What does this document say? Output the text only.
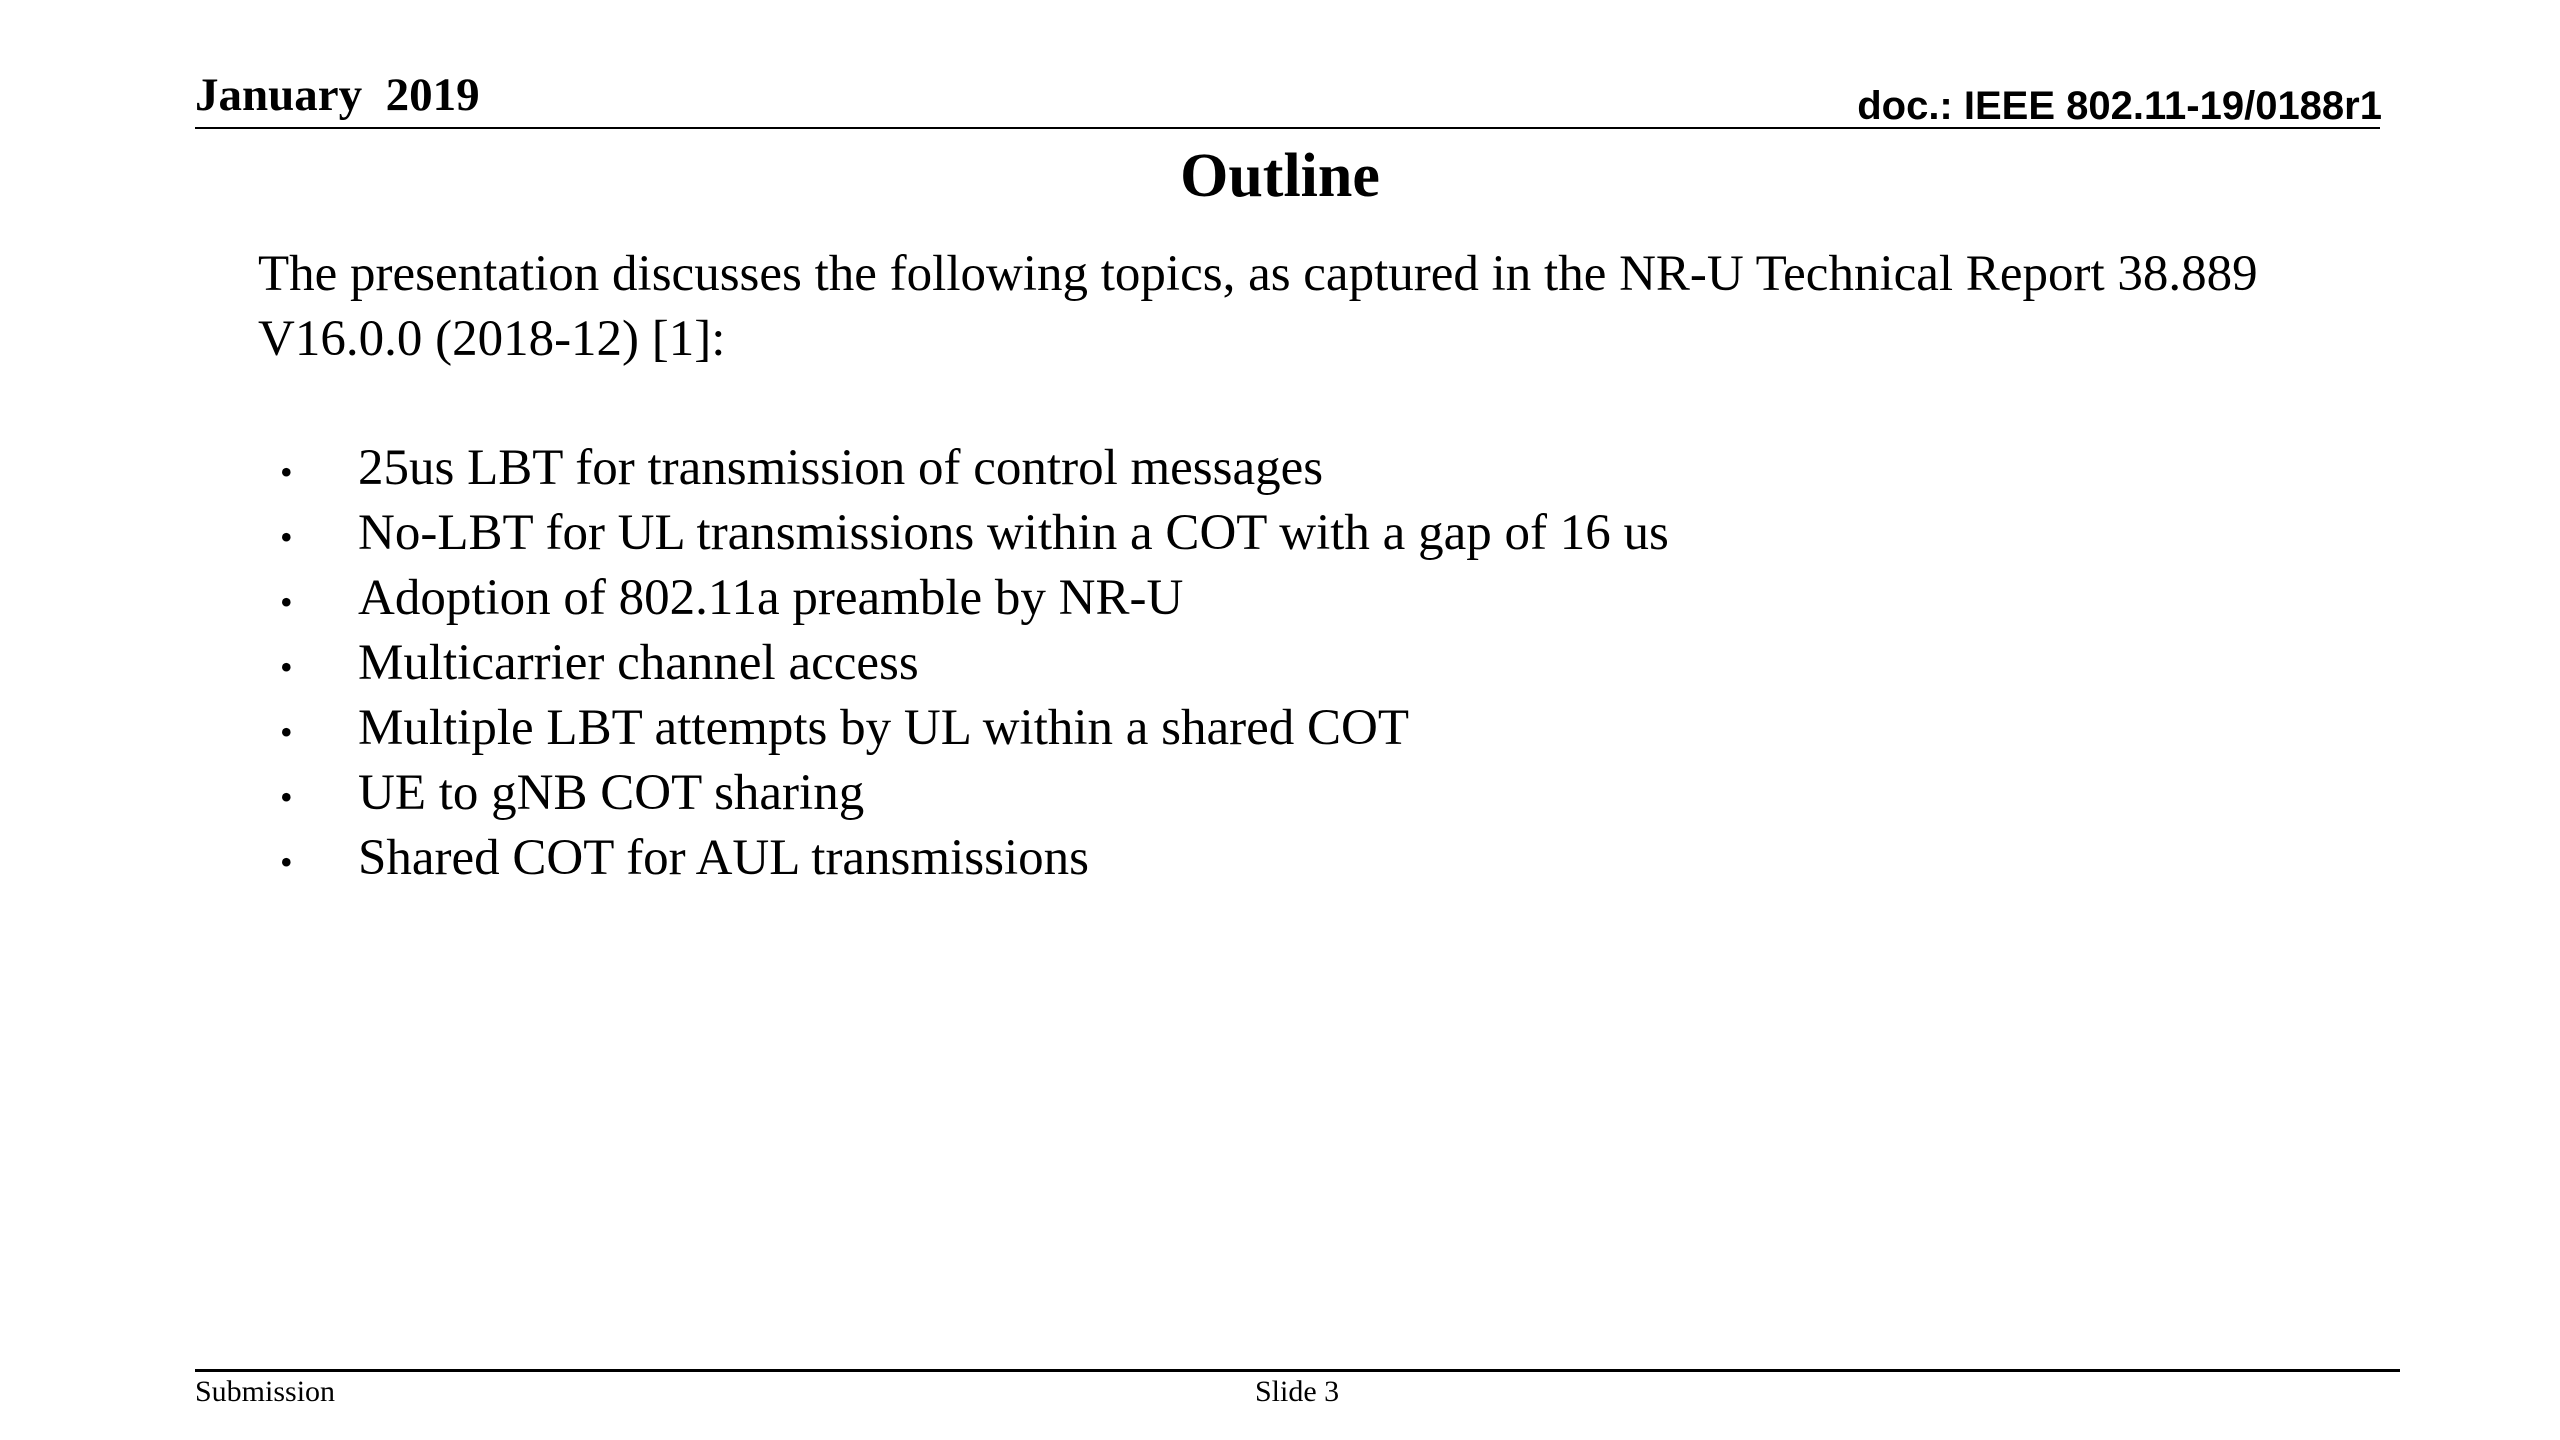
January  2019	doc.: IEEE 802.11-19/0188r1
Outline

The presentation discusses the following topics, as captured in the NR-U Technical Report 38.889 V16.0.0 (2018-12) [1]:

•	25us LBT for transmission of control messages
•	No-LBT for UL transmissions within a COT with a gap of 16 us
•	Adoption of 802.11a preamble by NR-U
•	Multicarrier channel access
•	Multiple LBT attempts by UL within a shared COT
•	UE to gNB COT sharing
•	Shared COT for AUL transmissions
Submission	Slide 3
